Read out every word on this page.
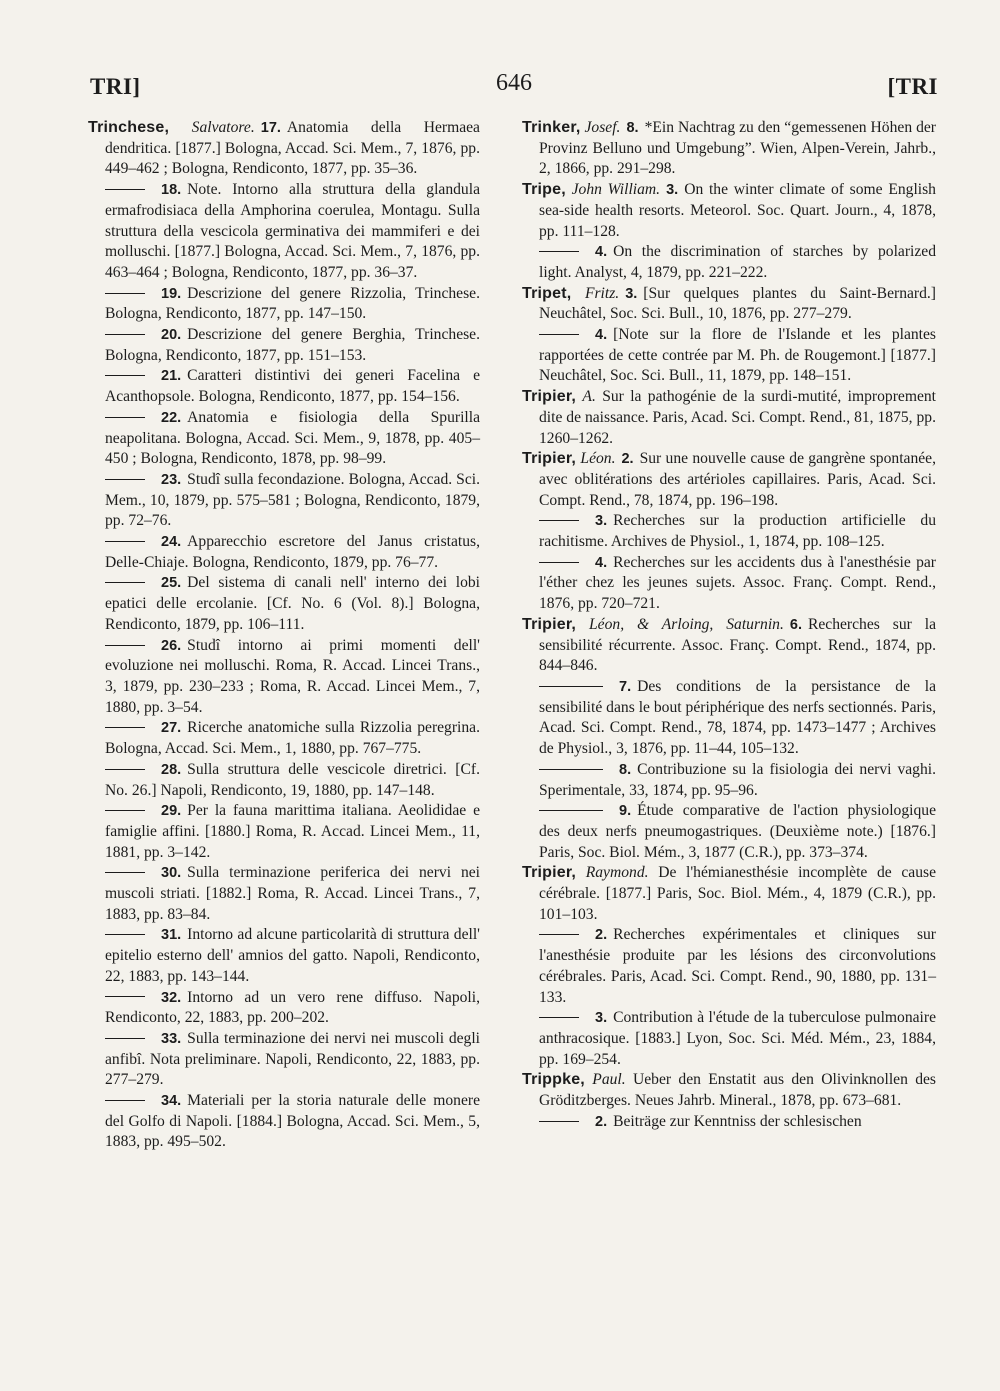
TRI]	646	[TRI

Trinchese, Salvatore. 17. Anatomia della Hermaea dendritica. [1877.] Bologna, Accad. Sci. Mem., 7, 1876, pp. 449–462 ; Bologna, Rendiconto, 1877, pp. 35–36.

18. Note. Intorno alla struttura della glandula ermafrodisiaca della Amphorina coerulea, Montagu. Sulla struttura della vescicola germinativa dei mammiferi e dei molluschi. [1877.] Bologna, Accad. Sci. Mem., 7, 1876, pp. 463–464 ; Bologna, Rendiconto, 1877, pp. 36–37.

19. Descrizione del genere Rizzolia, Trinchese. Bologna, Rendiconto, 1877, pp. 147–150.

20. Descrizione del genere Berghia, Trinchese. Bologna, Rendiconto, 1877, pp. 151–153.

21. Caratteri distintivi dei generi Facelina e Acanthopsole. Bologna, Rendiconto, 1877, pp. 154–156.

22. Anatomia e fisiologia della Spurilla neapolitana. Bologna, Accad. Sci. Mem., 9, 1878, pp. 405–450 ; Bologna, Rendiconto, 1878, pp. 98–99.

23. Studî sulla fecondazione. Bologna, Accad. Sci. Mem., 10, 1879, pp. 575–581 ; Bologna, Rendiconto, 1879, pp. 72–76.

24. Apparecchio escretore del Janus cristatus, Delle-Chiaje. Bologna, Rendiconto, 1879, pp. 76–77.

25. Del sistema di canali nell' interno dei lobi epatici delle ercolanie. [Cf. No. 6 (Vol. 8).] Bologna, Rendiconto, 1879, pp. 106–111.

26. Studî intorno ai primi momenti dell' evoluzione nei molluschi. Roma, R. Accad. Lincei Trans., 3, 1879, pp. 230–233 ; Roma, R. Accad. Lincei Mem., 7, 1880, pp. 3–54.

27. Ricerche anatomiche sulla Rizzolia peregrina. Bologna, Accad. Sci. Mem., 1, 1880, pp. 767–775.

28. Sulla struttura delle vescicole diretrici. [Cf. No. 26.] Napoli, Rendiconto, 19, 1880, pp. 147–148.

29. Per la fauna marittima italiana. Aeolididae e famiglie affini. [1880.] Roma, R. Accad. Lincei Mem., 11, 1881, pp. 3–142.

30. Sulla terminazione periferica dei nervi nei muscoli striati. [1882.] Roma, R. Accad. Lincei Trans., 7, 1883, pp. 83–84.

31. Intorno ad alcune particolarità di struttura dell' epitelio esterno dell' amnios del gatto. Napoli, Rendiconto, 22, 1883, pp. 143–144.

32. Intorno ad un vero rene diffuso. Napoli, Rendiconto, 22, 1883, pp. 200–202.

33. Sulla terminazione dei nervi nei muscoli degli anfibî. Nota preliminare. Napoli, Rendiconto, 22, 1883, pp. 277–279.

34. Materiali per la storia naturale delle monere del Golfo di Napoli. [1884.] Bologna, Accad. Sci. Mem., 5, 1883, pp. 495–502.

Trinker, Josef. 8. *Ein Nachtrag zu den “gemessenen Höhen der Provinz Belluno und Umgebung”. Wien, Alpen-Verein, Jahrb., 2, 1866, pp. 291–298.

Tripe, John William. 3. On the winter climate of some English sea-side health resorts. Meteorol. Soc. Quart. Journ., 4, 1878, pp. 111–128.

4. On the discrimination of starches by polarized light. Analyst, 4, 1879, pp. 221–222.

Tripet, Fritz. 3. [Sur quelques plantes du Saint-Bernard.] Neuchâtel, Soc. Sci. Bull., 10, 1876, pp. 277–279.

4. [Note sur la flore de l'Islande et les plantes rapportées de cette contrée par M. Ph. de Rougemont.] [1877.] Neuchâtel, Soc. Sci. Bull., 11, 1879, pp. 148–151.

Tripier, A. Sur la pathogénie de la surdi-mutité, improprement dite de naissance. Paris, Acad. Sci. Compt. Rend., 81, 1875, pp. 1260–1262.

Tripier, Léon. 2. Sur une nouvelle cause de gangrène spontanée, avec oblitérations des artérioles capillaires. Paris, Acad. Sci. Compt. Rend., 78, 1874, pp. 196–198.

3. Recherches sur la production artificielle du rachitisme. Archives de Physiol., 1, 1874, pp. 108–125.

4. Recherches sur les accidents dus à l'anesthésie par l'éther chez les jeunes sujets. Assoc. Franç. Compt. Rend., 1876, pp. 720–721.

Tripier, Léon, & Arloing, Saturnin. 6. Recherches sur la sensibilité récurrente. Assoc. Franç. Compt. Rend., 1874, pp. 844–846.

7. Des conditions de la persistance de la sensibilité dans le bout périphérique des nerfs sectionnés. Paris, Acad. Sci. Compt. Rend., 78, 1874, pp. 1473–1477 ; Archives de Physiol., 3, 1876, pp. 11–44, 105–132.

8. Contribuzione su la fisiologia dei nervi vaghi. Sperimentale, 33, 1874, pp. 95–96.

9. Étude comparative de l'action physiologique des deux nerfs pneumogastriques. (Deuxième note.) [1876.] Paris, Soc. Biol. Mém., 3, 1877 (C.R.), pp. 373–374.

Tripier, Raymond. De l'hémianesthésie incomplète de cause cérébrale. [1877.] Paris, Soc. Biol. Mém., 4, 1879 (C.R.), pp. 101–103.

2. Recherches expérimentales et cliniques sur l'anesthésie produite par les lésions des circonvolutions cérébrales. Paris, Acad. Sci. Compt. Rend., 90, 1880, pp. 131–133.

3. Contribution à l'étude de la tuberculose pulmonaire anthracosique. [1883.] Lyon, Soc. Sci. Méd. Mém., 23, 1884, pp. 169–254.

Trippke, Paul. Ueber den Enstatit aus den Olivinknollen des Gröditzberges. Neues Jahrb. Mineral., 1878, pp. 673–681.

2. Beiträge zur Kenntniss der schlesischen
